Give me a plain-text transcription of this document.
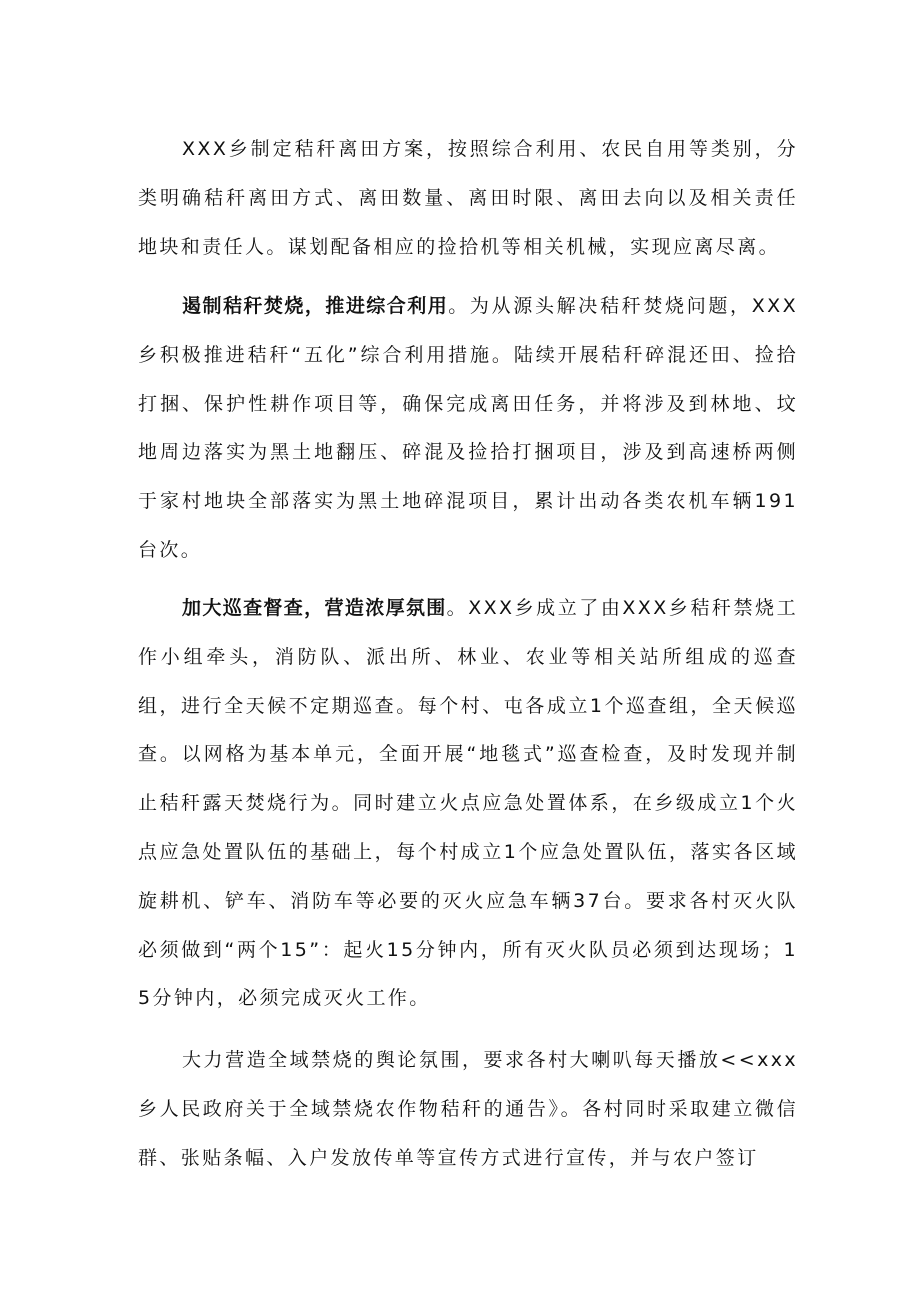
XXX乡制定秸秆离田方案，按照综合利用、农民自用等类别，分类明确秸秆离田方式、离田数量、离田时限、离田去向以及相关责任地块和责任人。谋划配备相应的捡拾机等相关机械，实现应离尽离。

遏制秸秆焚烧，推进综合利用。为从源头解决秸秆焚烧问题，XXX乡积极推进秸秆“五化”综合利用措施。陆续开展秸秆碎混还田、捡拾打捆、保护性耕作项目等，确保完成离田任务，并将涉及到林地、坟地周边落实为黑土地翻压、碎混及捡拾打捆项目，涉及到高速桥两侧于家村地块全部落实为黑土地碎混项目，累计出动各类农机车辆191台次。

加大巡查督查，营造浓厚氛围。XXX乡成立了由XXX乡秸秆禁烧工作小组牵头，消防队、派出所、林业、农业等相关站所组成的巡查组，进行全天候不定期巡查。每个村、屯各成立1个巡查组，全天候巡查。以网格为基本单元，全面开展“地毯式”巡查检查，及时发现并制止秸秆露天焚烧行为。同时建立火点应急处置体系，在乡级成立1个火点应急处置队伍的基础上，每个村成立1个应急处置队伍，落实各区域旋耕机、铲车、消防车等必要的灭火应急车辆37台。要求各村灭火队必须做到“两个15”：起火15分钟内，所有灭火队员必须到达现场；15分钟内，必须完成灭火工作。

大力营造全域禁烧的舆论氛围，要求各村大喇叭每天播放<<xxx乡人民政府关于全域禁烧农作物秸秆的通告》。各村同时采取建立微信群、张贴条幅、入户发放传单等宣传方式进行宣传，并与农户签订
